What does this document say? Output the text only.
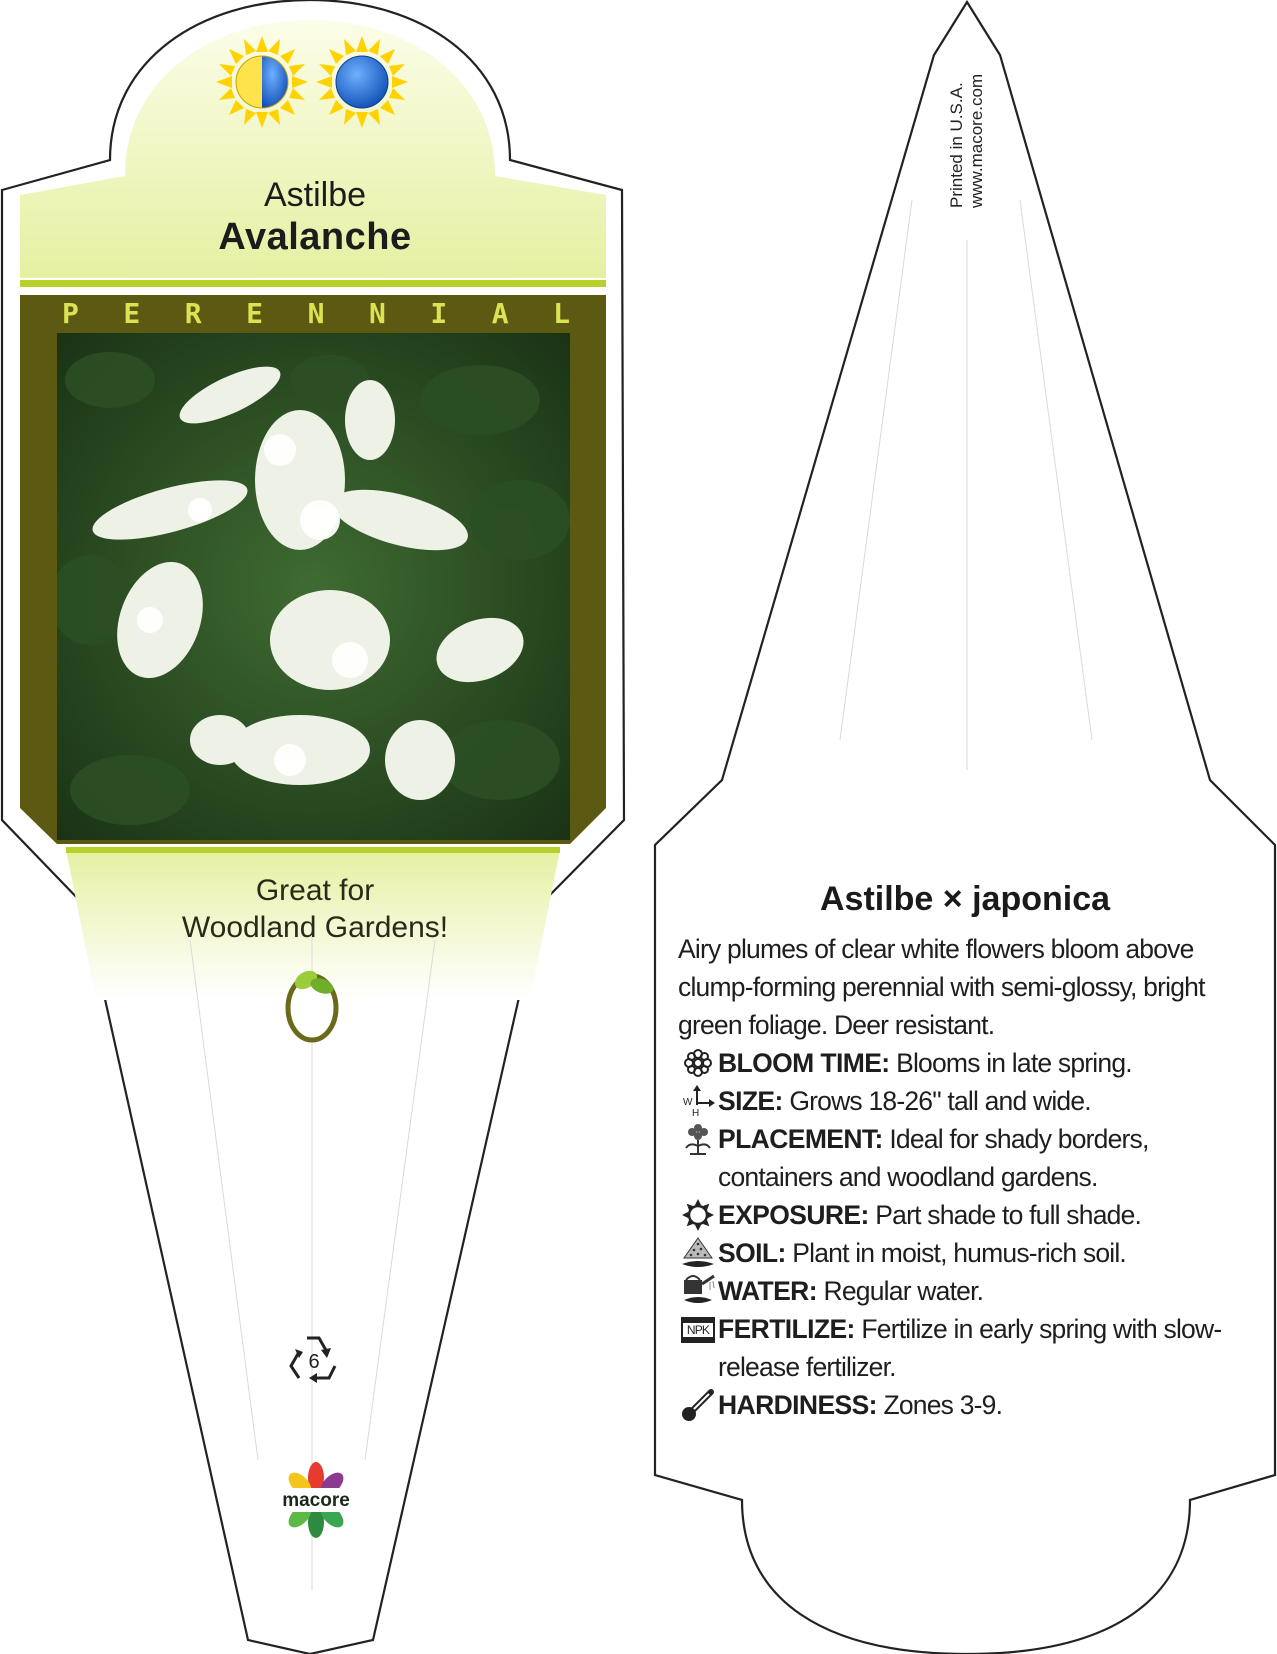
Astilbe
Avalanche
P E R E N N I A L
Great for
Woodland Gardens!
6
macore
Printed in U.S.A. www.macore.com
Astilbe × japonica

Airy plumes of clear white flowers bloom above clump-forming perennial with semi-glossy, bright green foliage. Deer resistant.

BLOOM TIME: Blooms in late spring.
W
H SIZE: Grows 18-26" tall and wide.
PLACEMENT: Ideal for shady borders, containers and woodland gardens.
EXPOSURE: Part shade to full shade.
SOIL: Plant in moist, humus-rich soil.
WATER: Regular water.
NPK FERTILIZE: Fertilize in early spring with slow-release fertilizer.
HARDINESS: Zones 3-9.
